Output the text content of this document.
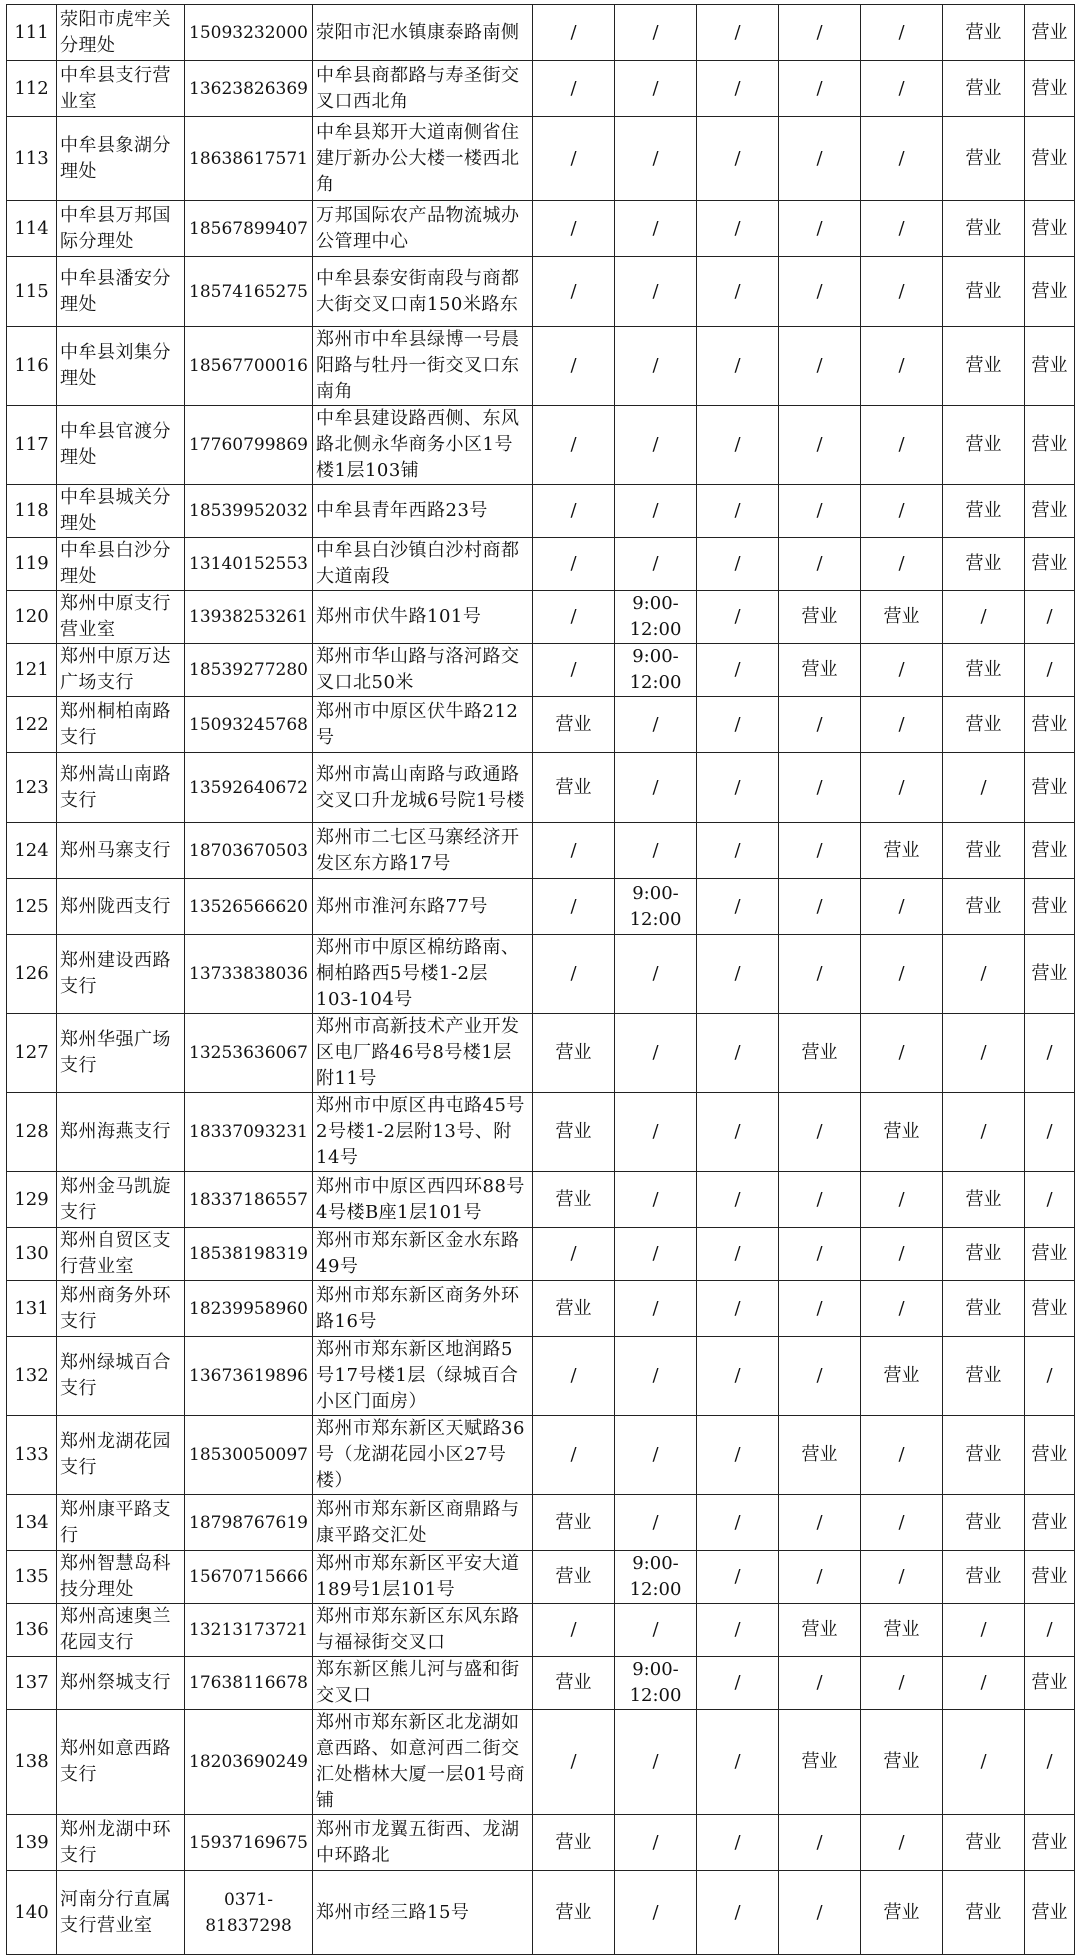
111	荥阳市虎牢关分理处	15093232000	荥阳市汜水镇康泰路南侧	/	/	/	/	/	营业	营业
112	中牟县支行营业室	13623826369	中牟县商都路与寿圣街交叉口西北角	/	/	/	/	/	营业	营业
113	中牟县象湖分理处	18638617571	中牟县郑开大道南侧省住建厅新办公大楼一楼西北角	/	/	/	/	/	营业	营业
114	中牟县万邦国际分理处	18567899407	万邦国际农产品物流城办公管理中心	/	/	/	/	/	营业	营业
115	中牟县潘安分理处	18574165275	中牟县泰安街南段与商都大街交叉口南150米路东	/	/	/	/	/	营业	营业
116	中牟县刘集分理处	18567700016	郑州市中牟县绿博一号晨阳路与牡丹一街交叉口东南角	/	/	/	/	/	营业	营业
117	中牟县官渡分理处	17760799869	中牟县建设路西侧、东风路北侧永华商务小区1号楼1层103铺	/	/	/	/	/	营业	营业
118	中牟县城关分理处	18539952032	中牟县青年西路23号	/	/	/	/	/	营业	营业
119	中牟县白沙分理处	13140152553	中牟县白沙镇白沙村商都大道南段	/	/	/	/	/	营业	营业
120	郑州中原支行营业室	13938253261	郑州市伏牛路101号	/	9:00-12:00	/	营业	营业	/	/
121	郑州中原万达广场支行	18539277280	郑州市华山路与洛河路交叉口北50米	/	9:00-12:00	/	营业	/	营业	/
122	郑州桐柏南路支行	15093245768	郑州市中原区伏牛路212号	营业	/	/	/	/	营业	营业
123	郑州嵩山南路支行	13592640672	郑州市嵩山南路与政通路交叉口升龙城6号院1号楼	营业	/	/	/	/	/	营业
124	郑州马寨支行	18703670503	郑州市二七区马寨经济开发区东方路17号	/	/	/	/	营业	营业	营业
125	郑州陇西支行	13526566620	郑州市淮河东路77号	/	9:00-12:00	/	/	/	营业	营业
126	郑州建设西路支行	13733838036	郑州市中原区棉纺路南、桐柏路西5号楼1-2层103-104号	/	/	/	/	/	/	营业
127	郑州华强广场支行	13253636067	郑州市高新技术产业开发区电厂路46号8号楼1层附11号	营业	/	/	营业	/	/	/
128	郑州海燕支行	18337093231	郑州市中原区冉屯路45号2号楼1-2层附13号、附14号	营业	/	/	/	营业	/	/
129	郑州金马凯旋支行	18337186557	郑州市中原区西四环88号4号楼B座1层101号	营业	/	/	/	/	营业	/
130	郑州自贸区支行营业室	18538198319	郑州市郑东新区金水东路49号	/	/	/	/	/	营业	营业
131	郑州商务外环支行	18239958960	郑州市郑东新区商务外环路16号	营业	/	/	/	/	营业	营业
132	郑州绿城百合支行	13673619896	郑州市郑东新区地润路5号17号楼1层（绿城百合小区门面房）	/	/	/	/	营业	营业	/
133	郑州龙湖花园支行	18530050097	郑州市郑东新区天赋路36号（龙湖花园小区27号楼）	/	/	/	营业	/	营业	营业
134	郑州康平路支行	18798767619	郑州市郑东新区商鼎路与康平路交汇处	营业	/	/	/	/	营业	营业
135	郑州智慧岛科技分理处	15670715666	郑州市郑东新区平安大道189号1层101号	营业	9:00-12:00	/	/	/	营业	营业
136	郑州高速奥兰花园支行	13213173721	郑州市郑东新区东风东路与福禄街交叉口	/	/	/	营业	营业	/	/
137	郑州祭城支行	17638116678	郑东新区熊儿河与盛和街交叉口	营业	9:00-12:00	/	/	/	/	营业
138	郑州如意西路支行	18203690249	郑州市郑东新区北龙湖如意西路、如意河西二街交汇处楷林大厦一层01号商铺	/	/	/	营业	营业	/	/
139	郑州龙湖中环支行	15937169675	郑州市龙翼五街西、龙湖中环路北	营业	/	/	/	/	营业	营业
140	河南分行直属支行营业室	0371-81837298	郑州市经三路15号	营业	/	/	/	营业	营业	营业
